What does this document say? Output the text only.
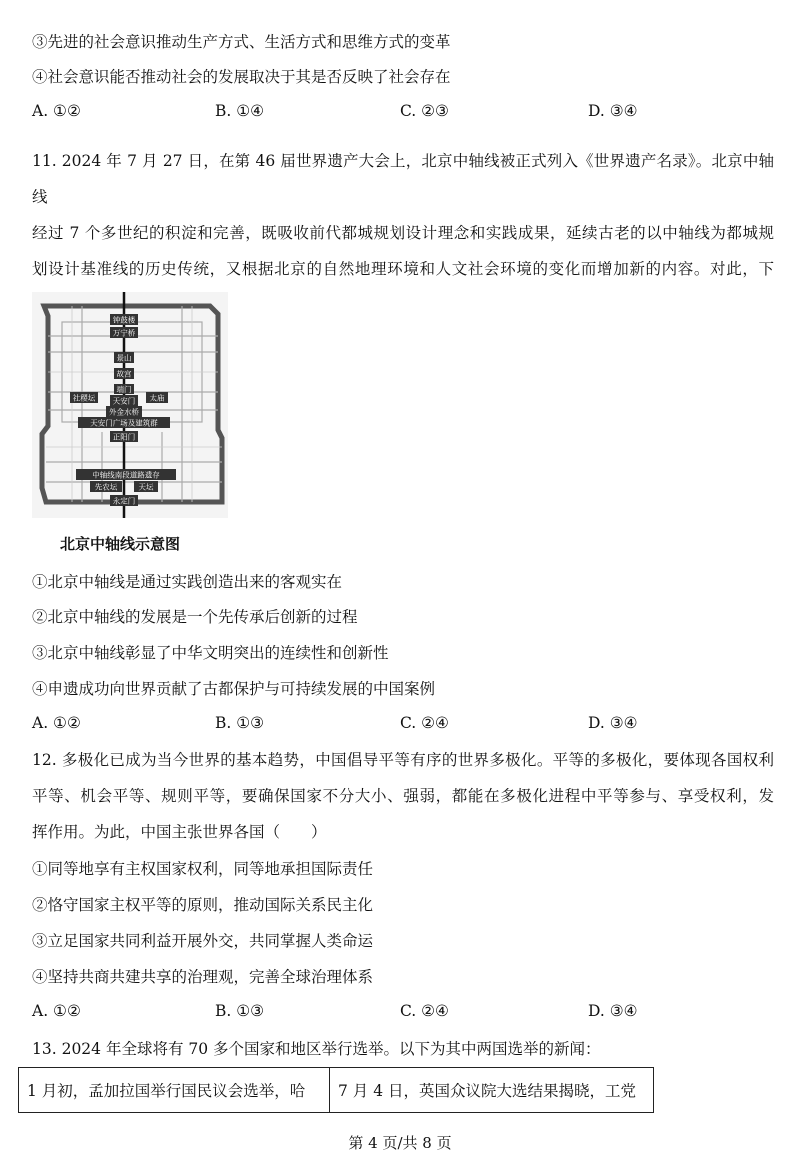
③先进的社会意识推动生产方式、生活方式和思维方式的变革
④社会意识能否推动社会的发展取决于其是否反映了社会存在
A. ①②	B. ①④	C. ②③	D. ③④
11. 2024 年 7 月 27 日，在第 46 届世界遗产大会上，北京中轴线被正式列入《世界遗产名录》。北京中轴线
经过 7 个多世纪的积淀和完善，既吸收前代都城规划设计理念和实践成果，延续古老的以中轴线为都城规
划设计基准线的历史传统，又根据北京的自然地理环境和人文社会环境的变化而增加新的内容。对此，下
钟鼓楼
万宁桥
景山
故宫
端门
社稷坛 天安门 太庙
外金水桥
天安门广场及建筑群
正阳门
中轴线南段道路遗存
先农坛	天坛
永定门
北京中轴线示意图
①北京中轴线是通过实践创造出来的客观实在
②北京中轴线的发展是一个先传承后创新的过程
③北京中轴线彰显了中华文明突出的连续性和创新性
④申遗成功向世界贡献了古都保护与可持续发展的中国案例
A. ①②	B. ①③	C. ②④	D. ③④
12. 多极化已成为当今世界的基本趋势，中国倡导平等有序的世界多极化。平等的多极化，要体现各国权利
平等、机会平等、规则平等，要确保国家不分大小、强弱，都能在多极化进程中平等参与、享受权利，发
挥作用。为此，中国主张世界各国（　　）
①同等地享有主权国家权利，同等地承担国际责任
②恪守国家主权平等的原则，推动国际关系民主化
③立足国家共同利益开展外交，共同掌握人类命运
④坚持共商共建共享的治理观，完善全球治理体系
A. ①②	B. ①③	C. ②④	D. ③④
13. 2024 年全球将有 70 多个国家和地区举行选举。以下为其中两国选举的新闻：
1 月初，孟加拉国举行国民议会选举，哈	7 月 4 日，英国众议院大选结果揭晓，工党
第 4 页/共 8 页
